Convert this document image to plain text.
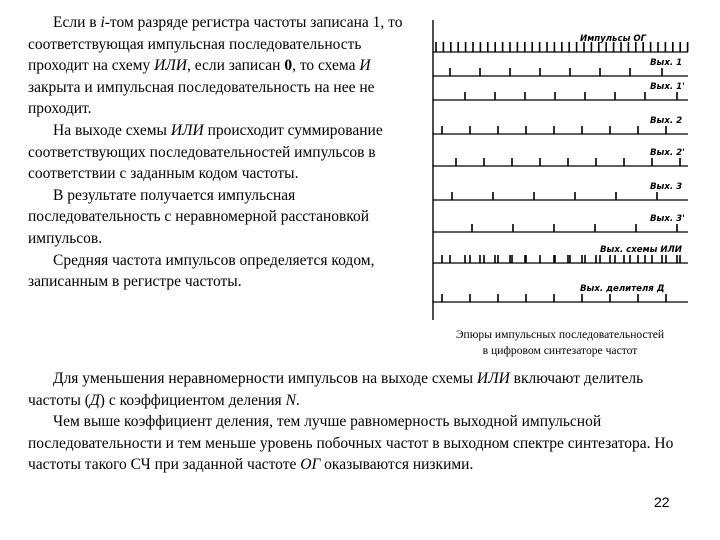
Если в i-том разряде регистра частоты записана 1, то соответствующая импульсная последовательность проходит на схему ИЛИ, если записан 0, то схема И закрыта и импульсная последовательность на нее не проходит.

На выходе схемы ИЛИ происходит суммирование соответствующих последовательностей импульсов в соответствии с заданным кодом частоты.

В результате получается импульсная последовательность с неравномерной расстановкой импульсов.

Средняя частота импульсов определяется кодом, записанным в регистре частоты.

Импульсы ОГ
Вых. 1
Вых. 1'
Вых. 2
Вых. 2'
Вых. 3
Вых. 3'
Вых. схемы ИЛИ
Вых. делителя Д
Эпюры импульсных последовательностей
в цифровом синтезаторе частот

Для уменьшения неравномерности импульсов на выходе схемы ИЛИ включают делитель частоты (Д) с коэффициентом деления N.

Чем выше коэффициент деления, тем лучше равномерность выходной импульсной последовательности и тем меньше уровень побочных частот в выходном спектре синтезатора. Но частоты такого СЧ при заданной частоте ОГ оказываются низкими.

22
